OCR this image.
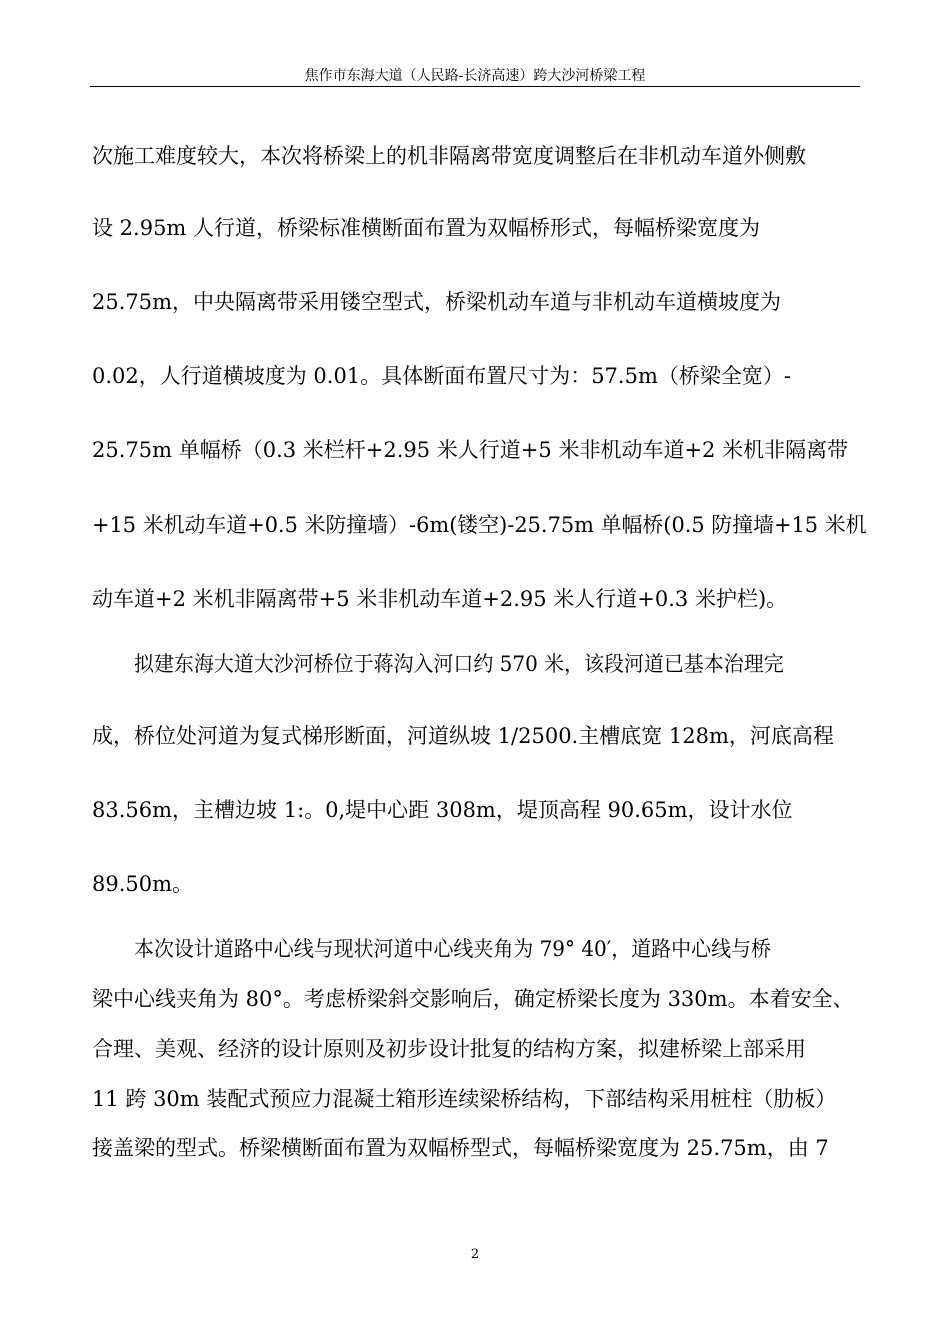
焦作市东海大道（人民路-长济高速）跨大沙河桥梁工程
次施工难度较大，本次将桥梁上的机非隔离带宽度调整后在非机动车道外侧敷
设 2.95m 人行道，桥梁标准横断面布置为双幅桥形式，每幅桥梁宽度为
25.75m，中央隔离带采用镂空型式，桥梁机动车道与非机动车道横坡度为
0.02，人行道横坡度为 0.01。具体断面布置尺寸为：57.5m（桥梁全宽）-
25.75m 单幅桥（0.3 米栏杆+2.95 米人行道+5 米非机动车道+2 米机非隔离带
+15 米机动车道+0.5 米防撞墙）-6m(镂空)-25.75m 单幅桥(0.5 防撞墙+15 米机
动车道+2 米机非隔离带+5 米非机动车道+2.95 米人行道+0.3 米护栏)。
拟建东海大道大沙河桥位于蒋沟入河口约 570 米，该段河道已基本治理完
成，桥位处河道为复式梯形断面，河道纵坡 1/2500.主槽底宽 128m，河底高程
83.56m，主槽边坡 1:。0,堤中心距 308m，堤顶高程 90.65m，设计水位
89.50m。
本次设计道路中心线与现状河道中心线夹角为 79° 40′，道路中心线与桥
梁中心线夹角为 80°。考虑桥梁斜交影响后，确定桥梁长度为 330m。本着安全、
合理、美观、经济的设计原则及初步设计批复的结构方案，拟建桥梁上部采用
11 跨 30m 装配式预应力混凝土箱形连续梁桥结构，下部结构采用桩柱（肋板）
接盖梁的型式。桥梁横断面布置为双幅桥型式，每幅桥梁宽度为 25.75m，由 7
2
